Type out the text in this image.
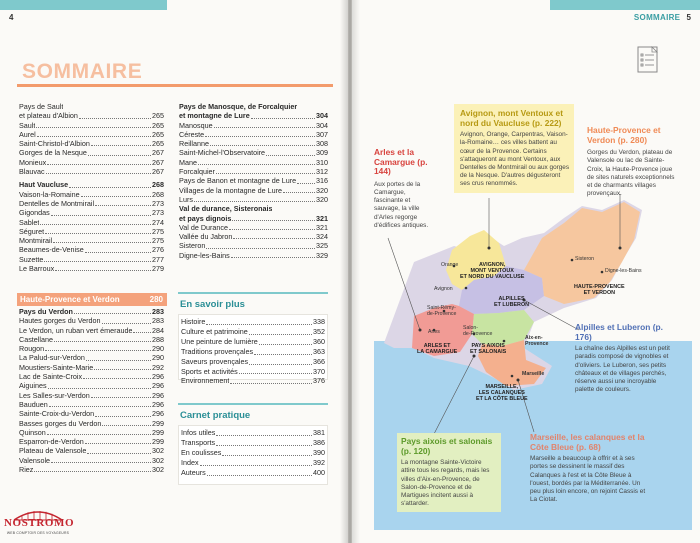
4
SOMMAIRE
Pays de Sault
et plateau d'Albion	265
Sault	265
Aurel	265
Saint-Christol-d'Albion	265
Gorges de la Nesque	267
Monieux	267
Blauvac	267
Haut Vaucluse	268
Vaison-la-Romaine	268
Dentelles de Montmirail	273
Gigondas	273
Sablet	274
Séguret	275
Montmirail	275
Beaumes-de-Venise	276
Suzette	277
Le Barroux	279
Pays de Manosque, de Forcalquier
et montagne de Lure	304
Manosque	304
Céreste	307
Reillanne	308
Saint-Michel-l'Observatoire	309
Mane	310
Forcalquier	312
Pays de Banon et montagne de Lure	316
Villages de la montagne de Lure	320
Lurs	320
Val de durance, Sisteronais
et pays dignois	321
Val de Durance	321
Vallée du Jabron	324
Sisteron	325
Digne-les-Bains	329
Haute-Provence et Verdon	280
Pays du Verdon	283
Hautes gorges du Verdon	283
Le Verdon, un ruban vert émeraude	284
Castellane	288
Rougon	290
La Palud-sur-Verdon	290
Moustiers-Sainte-Marie	292
Lac de Sainte-Croix	296
Aiguines	296
Les Salles-sur-Verdon	296
Bauduen	296
Sainte-Croix-du-Verdon	296
Basses gorges du Verdon	299
Quinson	299
Esparron-de-Verdon	299
Plateau de Valensole	302
Valensole	302
Riez	302
En savoir plus
Histoire	338
Culture et patrimoine	352
Une peinture de lumière	360
Traditions provençales	363
Saveurs provençales	366
Sports et activités	370
Environnement	376
Carnet pratique
Infos utiles	381
Transports	386
En coulisses	390
Index	392
Auteurs	400
NOSTROMO
WEB COMPTOIR DES VOYAGEURS
SOMMAIRE 5
AVIGNON,
MONT VENTOUX
ET NORD DU VAUCLUSE
ALPILLES
ET LUBERON
HAUTE-PROVENCE
ET VERDON
ARLES ET
LA CAMARGUE
PAYS AIXOIS
ET SALONAIS
MARSEILLE,
LES CALANQUES
ET LA CÔTE BLEUE
Orange
Avignon
Saint-Rémy-
de-Provence
Arles
Salon-
de-Provence
Aix-en-
Provence
Marseille
Sisteron
Digne-les-Bains
Arles et la Camargue (p. 144)
Aux portes de la Camargue, fascinante et sauvage, la ville d'Arles regorge d'édifices antiques.
Avignon, mont Ventoux et nord du Vaucluse (p. 222)
Avignon, Orange, Carpentras, Vaison-la-Romaine… ces villes battent au cœur de la Provence. Certains s'attaqueront au mont Ventoux, aux Dentelles de Montmirail ou aux gorges de la Nesque. D'autres dégusteront ses crus renommés.
Haute-Provence et Verdon (p. 280)
Gorges du Verdon, plateau de Valensole ou lac de Sainte-Croix, la Haute-Provence joue de sites naturels exceptionnels et de charmants villages provençaux.
Alpilles et Luberon (p. 176)
La chaîne des Alpilles est un petit paradis composé de vignobles et d'oliviers. Le Luberon, ses petits châteaux et de villages perchés, réserve aussi une incroyable palette de couleurs.
Pays aixois et salonais (p. 120)
La montagne Sainte-Victoire attire tous les regards, mais les villes d'Aix-en-Provence, de Salon-de-Provence et de Martigues incitent aussi à s'attarder.
Marseille, les calanques et la Côte Bleue (p. 68)
Marseille a beaucoup à offrir et à ses portes se dessinent le massif des Calanques à l'est et la Côte Bleue à l'ouest, bordés par la Méditerranée. Un peu plus loin encore, on rejoint Cassis et La Ciotat.
